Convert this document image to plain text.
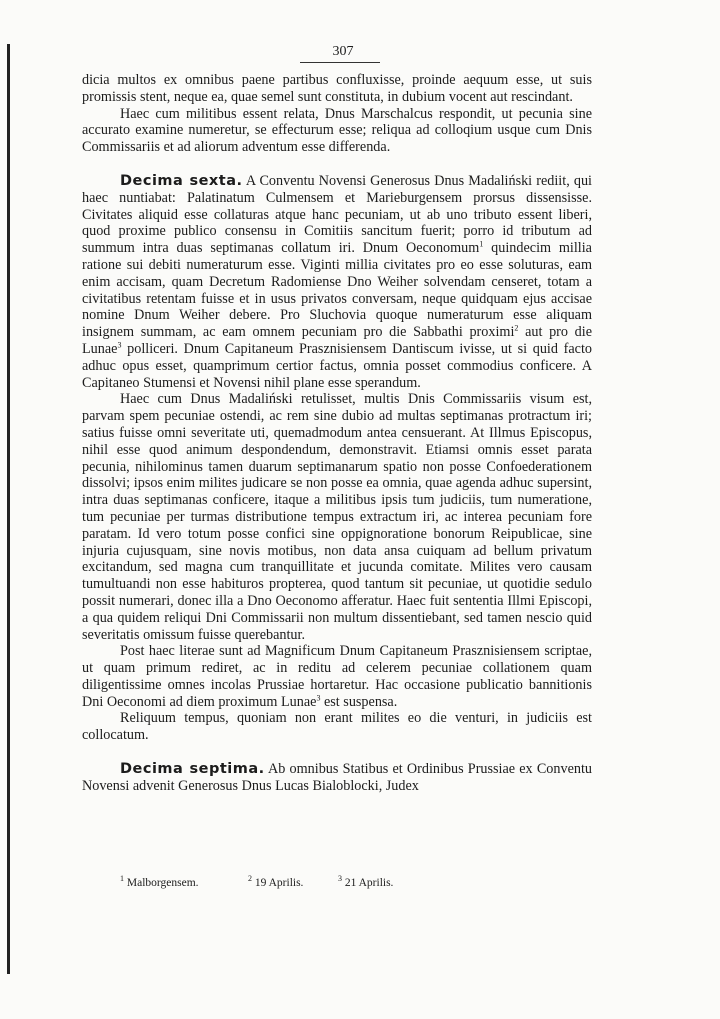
307

dicia multos ex omnibus paene partibus confluxisse, proinde aequum esse, ut suis promissis stent, neque ea, quae semel sunt constituta, in dubium vocent aut rescindant.

Haec cum militibus essent relata, Dnus Marschalcus respondit, ut pecunia sine accurato examine numeretur, se effecturum esse; reliqua ad colloqium usque cum Dnis Commissariis et ad aliorum adventum esse differenda.

Decima sexta. A Conventu Novensi Generosus Dnus Madaliński rediit, qui haec nuntiabat: Palatinatum Culmensem et Marieburgensem prorsus dissensisse. Civitates aliquid esse collaturas atque hanc pecuniam, ut ab uno tributo essent liberi, quod proxime publico consensu in Comitiis sancitum fuerit; porro id tributum ad summum intra duas septimanas collatum iri. Dnum Oeconomum$^1$ quindecim millia ratione sui debiti numeraturum esse. Viginti millia civitates pro eo esse soluturas, eam enim accisam, quam Decretum Radomiense Dno Weiher solvendam censeret, totam a civitatibus retentam fuisse et in usus privatos conversam, neque quidquam ejus accisae nomine Dnum Weiher debere. Pro Sluchovia quoque numeraturum esse aliquam insignem summam, ac eam omnem pecuniam pro die Sabbathi proximi$^2$ aut pro die Lunae$^3$ polliceri. Dnum Capitaneum Prasznisiensem Dantiscum ivisse, ut si quid facto adhuc opus esset, quamprimum certior factus, omnia posset commodius conficere. A Capitaneo Stumensi et Novensi nihil plane esse sperandum.

Haec cum Dnus Madaliński retulisset, multis Dnis Commissariis visum est, parvam spem pecuniae ostendi, ac rem sine dubio ad multas septimanas protractum iri; satius fuisse omni severitate uti, quemadmodum antea censuerant. At Illmus Episcopus, nihil esse quod animum despondendum, demonstravit. Etiamsi omnis esset parata pecunia, nihilominus tamen duarum septimanarum spatio non posse Confoederationem dissolvi; ipsos enim milites judicare se non posse ea omnia, quae agenda adhuc supersint, intra duas septimanas conficere, itaque a militibus ipsis tum judiciis, tum numeratione, tum pecuniae per turmas distributione tempus extractum iri, ac interea pecuniam fore paratam. Id vero totum posse confici sine oppignoratione bonorum Reipublicae, sine injuria cujusquam, sine novis motibus, non data ansa cuiquam ad bellum privatum excitandum, sed magna cum tranquillitate et jucunda comitate. Milites vero causam tumultuandi non esse habituros propterea, quod tantum sit pecuniae, ut quotidie sedulo possit numerari, donec illa a Dno Oeconomo afferatur. Haec fuit sententia Illmi Episcopi, a qua quidem reliqui Dni Commissarii non multum dissentiebant, sed tamen nescio quid severitatis omissum fuisse querebantur.

Post haec literae sunt ad Magnificum Dnum Capitaneum Prasznisiensem scriptae, ut quam primum rediret, ac in reditu ad celerem pecuniae collationem quam diligentissime omnes incolas Prussiae hortaretur. Hac occasione publicatio bannitionis Dni Oeconomi ad diem proximum Lunae$^3$ est suspensa.

Reliquum tempus, quoniam non erant milites eo die venturi, in judiciis est collocatum.

Decima septima. Ab omnibus Statibus et Ordinibus Prussiae ex Conventu Novensi advenit Generosus Dnus Lucas Bialoblocki, Judex

$^1$ Malborgensem.	$^2$ 19 Aprilis.	$^3$ 21 Aprilis.
